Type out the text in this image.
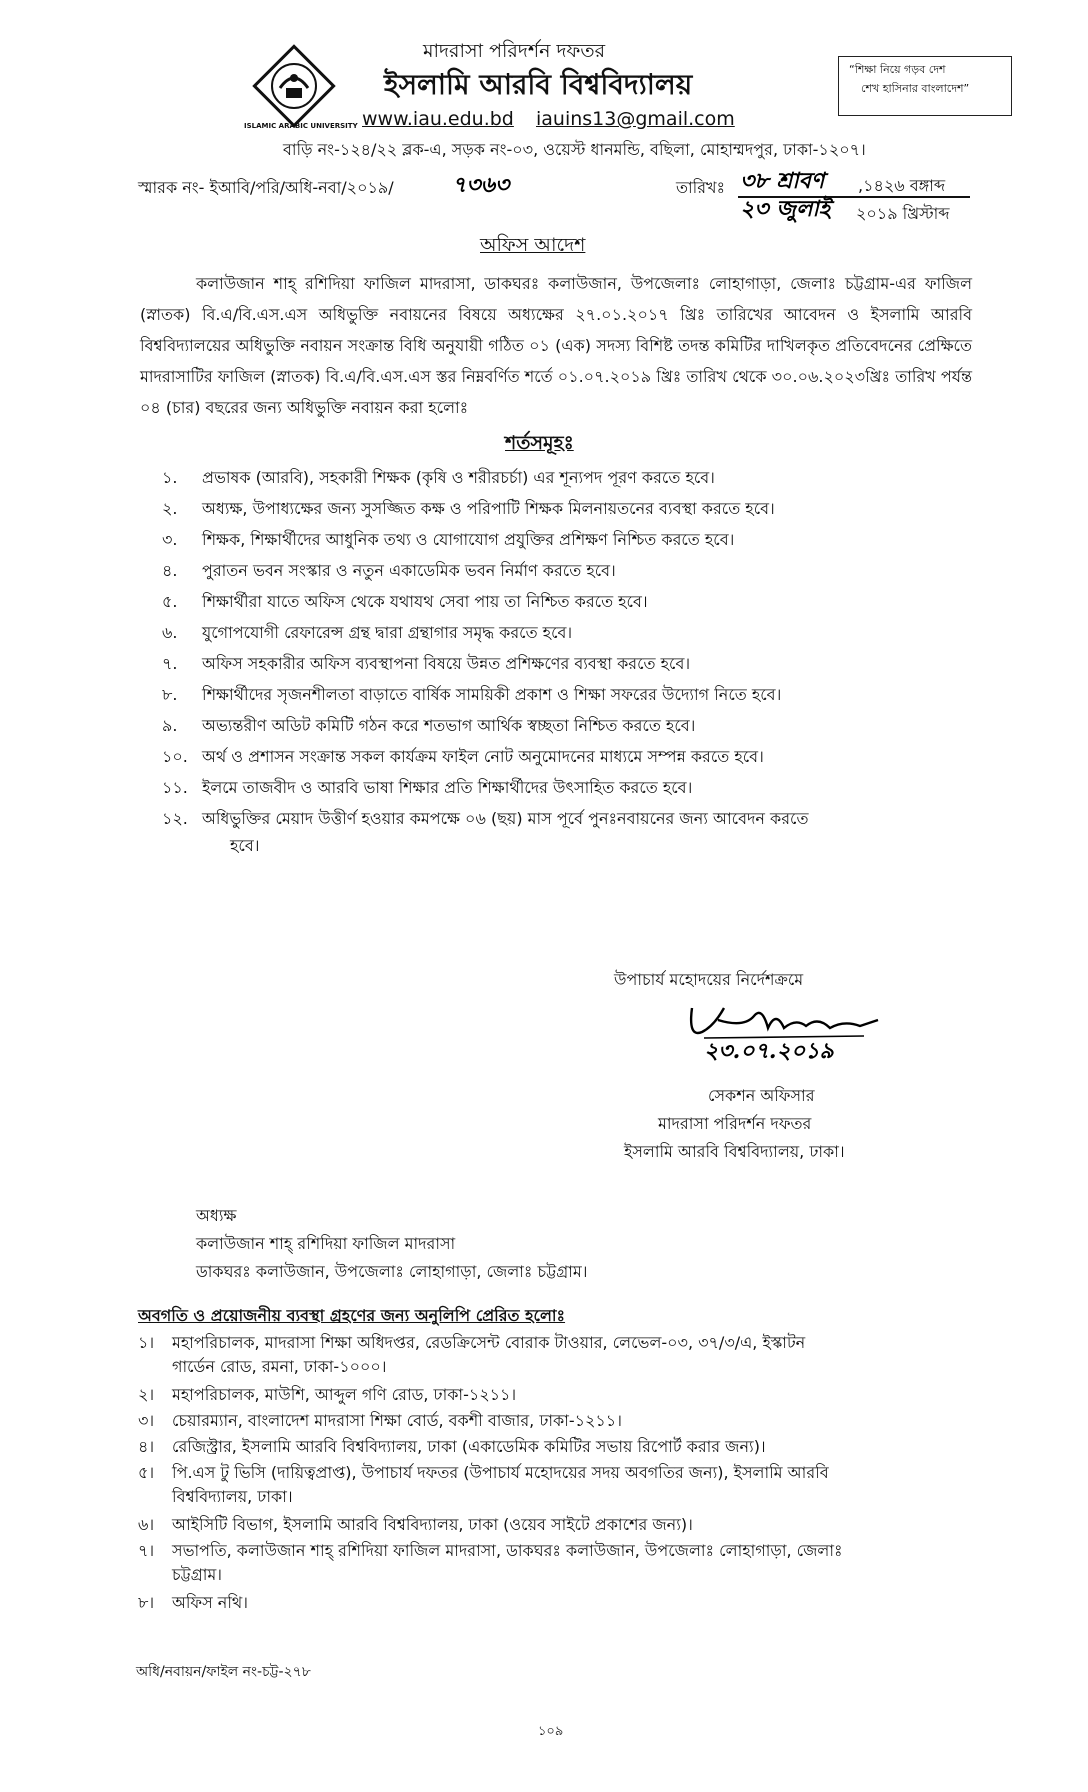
ISLAMIC ARABIC UNIVERSITY
মাদরাসা পরিদর্শন দফতর
ইসলামি আরবি বিশ্ববিদ্যালয়
www.iau.edu.bd iauins13@gmail.com
বাড়ি নং-১২৪/২২ ব্লক-এ, সড়ক নং-০৩, ওয়েস্ট ধানমন্ডি, বছিলা, মোহাম্মদপুর, ঢাকা-১২০৭।
“শিক্ষা নিয়ে গড়ব দেশ
শেখ হাসিনার বাংলাদেশ”
স্মারক নং- ইআবি/পরি/অধি-নবা/২০১৯/	৭৩৬৩	তারিখঃ ৩৮ শ্রাবণ ,১৪২৬ বঙ্গাব্দ
২৩ জুলাই ২০১৯ খ্রিস্টাব্দ
অফিস আদেশ
কলাউজান শাহ্ রশিদিয়া ফাজিল মাদরাসা, ডাকঘরঃ কলাউজান, উপজেলাঃ লোহাগাড়া, জেলাঃ চট্টগ্রাম-এর ফাজিল (স্নাতক) বি.এ/বি.এস.এস অধিভুক্তি নবায়নের বিষয়ে অধ্যক্ষের ২৭.০১.২০১৭ খ্রিঃ তারিখের আবেদন ও ইসলামি আরবি বিশ্ববিদ্যালয়ের অধিভুক্তি নবায়ন সংক্রান্ত বিধি অনুযায়ী গঠিত ০১ (এক) সদস্য বিশিষ্ট তদন্ত কমিটির দাখিলকৃত প্রতিবেদনের প্রেক্ষিতে মাদরাসাটির ফাজিল (স্নাতক) বি.এ/বি.এস.এস স্তর নিম্নবর্ণিত শর্তে ০১.০৭.২০১৯ খ্রিঃ তারিখ থেকে ৩০.০৬.২০২৩খ্রিঃ তারিখ পর্যন্ত ০৪ (চার) বছরের জন্য অধিভুক্তি নবায়ন করা হলোঃ
শর্তসমূহঃ
১. প্রভাষক (আরবি), সহকারী শিক্ষক (কৃষি ও শরীরচর্চা) এর শূন্যপদ পূরণ করতে হবে।
২. অধ্যক্ষ, উপাধ্যক্ষের জন্য সুসজ্জিত কক্ষ ও পরিপাটি শিক্ষক মিলনায়তনের ব্যবস্থা করতে হবে।
৩. শিক্ষক, শিক্ষার্থীদের আধুনিক তথ্য ও যোগাযোগ প্রযুক্তির প্রশিক্ষণ নিশ্চিত করতে হবে।
৪. পুরাতন ভবন সংস্কার ও নতুন একাডেমিক ভবন নির্মাণ করতে হবে।
৫. শিক্ষার্থীরা যাতে অফিস থেকে যথাযথ সেবা পায় তা নিশ্চিত করতে হবে।
৬. যুগোপযোগী রেফারেন্স গ্রন্থ দ্বারা গ্রন্থাগার সমৃদ্ধ করতে হবে।
৭. অফিস সহকারীর অফিস ব্যবস্থাপনা বিষয়ে উন্নত প্রশিক্ষণের ব্যবস্থা করতে হবে।
৮. শিক্ষার্থীদের সৃজনশীলতা বাড়াতে বার্ষিক সাময়িকী প্রকাশ ও শিক্ষা সফরের উদ্যোগ নিতে হবে।
৯. অভ্যন্তরীণ অডিট কমিটি গঠন করে শতভাগ আর্থিক স্বচ্ছতা নিশ্চিত করতে হবে।
১০. অর্থ ও প্রশাসন সংক্রান্ত সকল কার্যক্রম ফাইল নোট অনুমোদনের মাধ্যমে সম্পন্ন করতে হবে।
১১. ইলমে তাজবীদ ও আরবি ভাষা শিক্ষার প্রতি শিক্ষার্থীদের উৎসাহিত করতে হবে।
১২. অধিভুক্তির মেয়াদ উত্তীর্ণ হওয়ার কমপক্ষে ০৬ (ছয়) মাস পূর্বে পুনঃনবায়নের জন্য আবেদন করতে
হবে।
উপাচার্য মহোদয়ের নির্দেশক্রমে
২৩.০৭.২০১৯
সেকশন অফিসার
মাদরাসা পরিদর্শন দফতর
ইসলামি আরবি বিশ্ববিদ্যালয়, ঢাকা।
অধ্যক্ষ
কলাউজান শাহ্ রশিদিয়া ফাজিল মাদরাসা
ডাকঘরঃ কলাউজান, উপজেলাঃ লোহাগাড়া, জেলাঃ চট্টগ্রাম।
অবগতি ও প্রয়োজনীয় ব্যবস্থা গ্রহণের জন্য অনুলিপি প্রেরিত হলোঃ
১। মহাপরিচালক, মাদরাসা শিক্ষা অধিদপ্তর, রেডক্রিসেন্ট বোরাক টাওয়ার, লেভেল-০৩, ৩৭/৩/এ, ইস্কাটন
গার্ডেন রোড, রমনা, ঢাকা-১০০০।
২। মহাপরিচালক, মাউশি, আব্দুল গণি রোড, ঢাকা-১২১১।
৩। চেয়ারম্যান, বাংলাদেশ মাদরাসা শিক্ষা বোর্ড, বকশী বাজার, ঢাকা-১২১১।
৪। রেজিস্ট্রার, ইসলামি আরবি বিশ্ববিদ্যালয়, ঢাকা (একাডেমিক কমিটির সভায় রিপোর্ট করার জন্য)।
৫। পি.এস টু ভিসি (দায়িত্বপ্রাপ্ত), উপাচার্য দফতর (উপাচার্য মহোদয়ের সদয় অবগতির জন্য), ইসলামি আরবি
বিশ্ববিদ্যালয়, ঢাকা।
৬। আইসিটি বিভাগ, ইসলামি আরবি বিশ্ববিদ্যালয়, ঢাকা (ওয়েব সাইটে প্রকাশের জন্য)।
৭। সভাপতি, কলাউজান শাহ্ রশিদিয়া ফাজিল মাদরাসা, ডাকঘরঃ কলাউজান, উপজেলাঃ লোহাগাড়া, জেলাঃ
চট্টগ্রাম।
৮। অফিস নথি।
অধি/নবায়ন/ফাইল নং-চট্ট-২৭৮
১০৯
